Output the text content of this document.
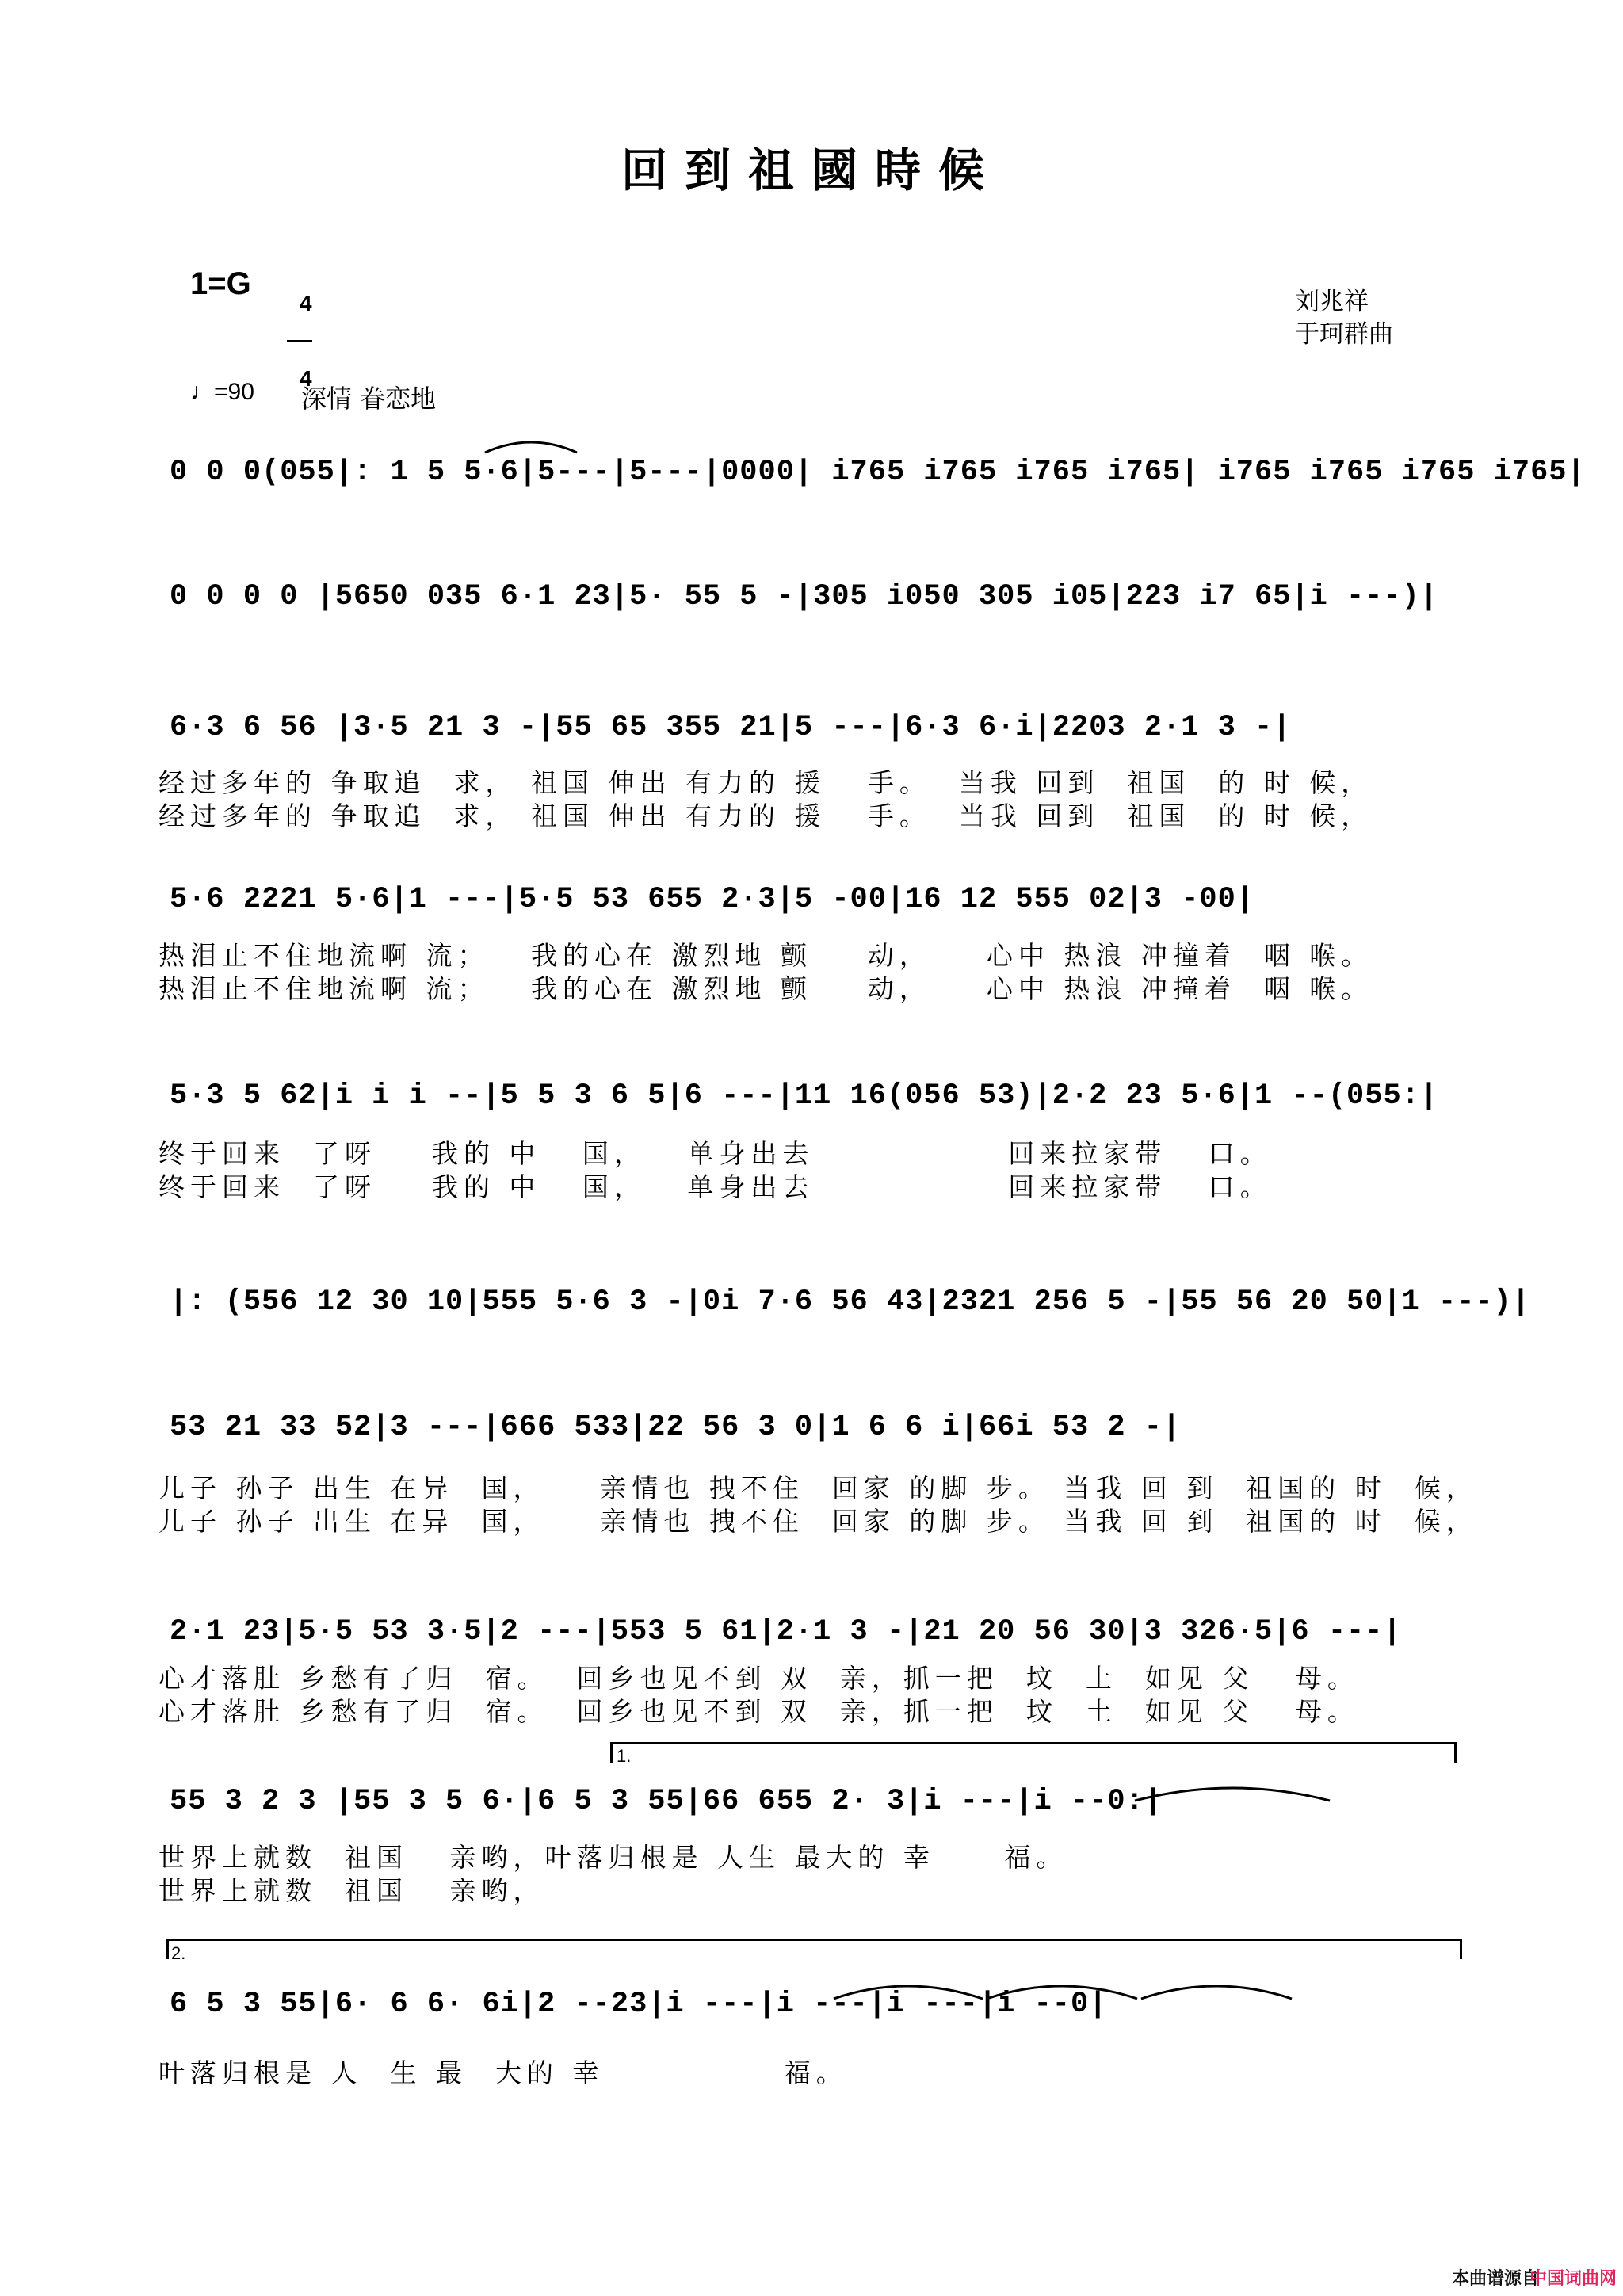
回到祖國時候
1=G

4

4

刘兆祥
于珂群曲
♩=90 深情 眷恋地
0 0 0(055|: 1 5 5·6|5---|5---|0000| i765 i765 i765 i765| i765 i765 i765 i765|
0 0 0 0 |5650 035 6·1 23|5· 55 5 -|305 i050 305 i05|223 i7 65|i ---)|
6·3 6 56 |3·5 21 3 -|55 65 355 21|5 ---|6·3 6·i|2203 2·1 3 -|
经过多年的 争取追  求， 祖国 伸出 有力的 援   手。  当我 回到  祖国  的 时 候，
经过多年的 争取追  求， 祖国 伸出 有力的 援   手。  当我 回到  祖国  的 时 候，
5·6 2221 5·6|1 ---|5·5 53 655 2·3|5 -00|16 12 555 02|3 -00|
热泪止不住地流啊 流；   我的心在 激烈地 颤    动，    心中 热浪 冲撞着  咽 喉。
热泪止不住地流啊 流；   我的心在 激烈地 颤    动，    心中 热浪 冲撞着  咽 喉。
5·3 5 62|i i i --|5 5 3 6 5|6 ---|11 16(056 53)|2·2 23 5·6|1 --(055:|
终于回来  了呀    我的 中   国，   单身出去              回来拉家带   口。
终于回来  了呀    我的 中   国，   单身出去              回来拉家带   口。
|: (556 12 30 10|555 5·6 3 -|0i 7·6 56 43|2321 256 5 -|55 56 20 50|1 ---)|
53 21 33 52|3 ---|666 533|22 56 3 0|1 6 6 i|66i 53 2 -|
儿子 孙子 出生 在异  国，    亲情也 拽不住  回家 的脚 步。 当我 回 到  祖国的 时  候，
儿子 孙子 出生 在异  国，    亲情也 拽不住  回家 的脚 步。 当我 回 到  祖国的 时  候，
2·1 23|5·5 53 3·5|2 ---|553 5 61|2·1 3 -|21 20 56 30|3 326·5|6 ---|
心才落肚 乡愁有了归  宿。  回乡也见不到 双  亲，抓一把  坟  土  如见 父   母。
心才落肚 乡愁有了归  宿。  回乡也见不到 双  亲，抓一把  坟  土  如见 父   母。
1.
55 3 2 3 |55 3 5 6·|6 5 3 55|66 655 2· 3|i ---|i --0:|
世界上就数  祖国   亲哟，叶落归根是 人生 最大的 幸     福。
世界上就数  祖国   亲哟，
2.
6 5 3 55|6· 6 6· 6i|2 --23|i ---|i ---|i ---|i --0|
叶落归根是 人  生 最  大的 幸             福。
本曲谱源自
中国词曲网
